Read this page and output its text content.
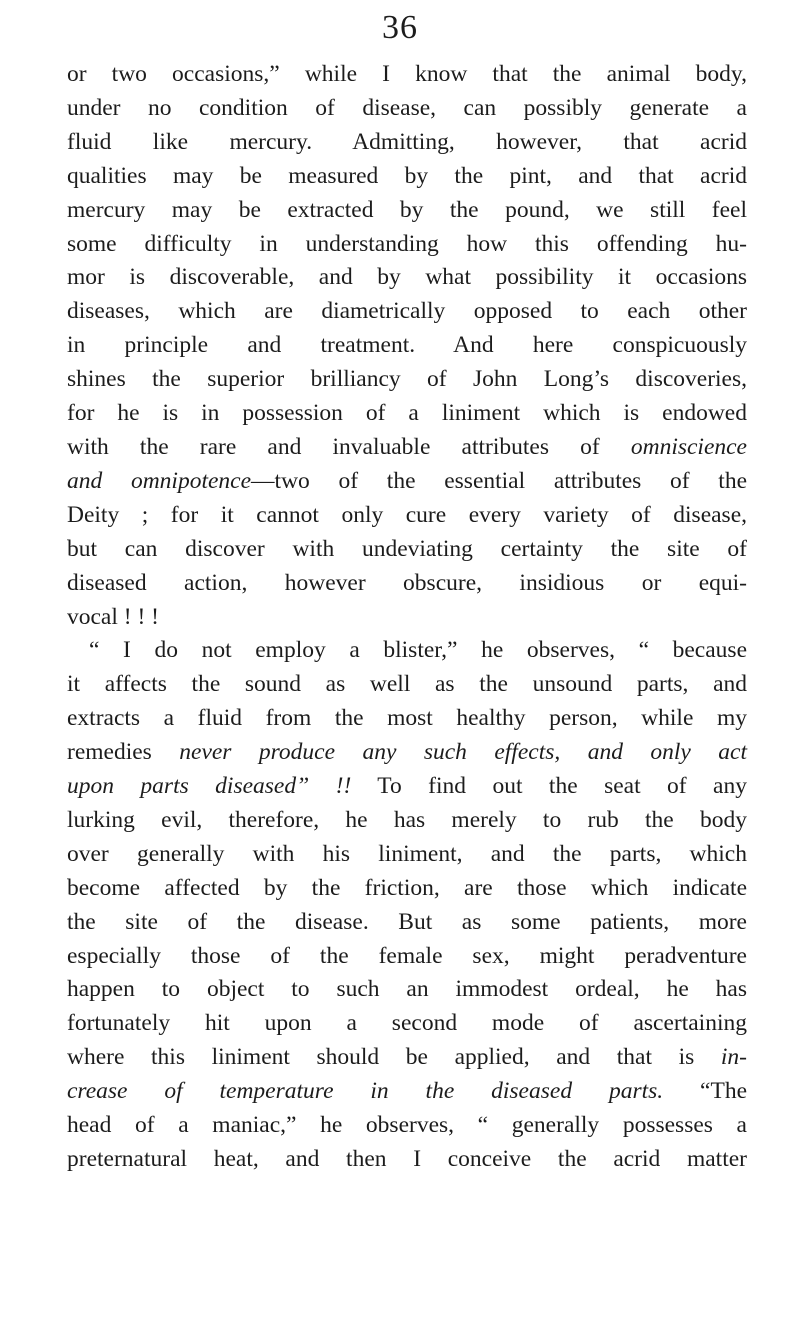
36
or two occasions,” while I know that the animal body,
under no condition of disease, can possibly generate a
fluid like mercury. Admitting, however, that acrid
qualities may be measured by the pint, and that acrid
mercury may be extracted by the pound, we still feel
some difficulty in understanding how this offending hu-
mor is discoverable, and by what possibility it occasions
diseases, which are diametrically opposed to each other
in principle and treatment. And here conspicuously
shines the superior brilliancy of John Long’s discoveries,
for he is in possession of a liniment which is endowed
with the rare and invaluable attributes of omniscience
and omnipotence—two of the essential attributes of the
Deity ; for it cannot only cure every variety of disease,
but can discover with undeviating certainty the site of
diseased action, however obscure, insidious or equi-
vocal ! ! !
“ I do not employ a blister,” he observes, “ because
it affects the sound as well as the unsound parts, and
extracts a fluid from the most healthy person, while my
remedies never produce any such effects, and only act
upon parts diseased” !! To find out the seat of any
lurking evil, therefore, he has merely to rub the body
over generally with his liniment, and the parts, which
become affected by the friction, are those which indicate
the site of the disease. But as some patients, more
especially those of the female sex, might peradventure
happen to object to such an immodest ordeal, he has
fortunately hit upon a second mode of ascertaining
where this liniment should be applied, and that is in-
crease of temperature in the diseased parts. “The
head of a maniac,” he observes, “ generally possesses a
preternatural heat, and then I conceive the acrid matter
